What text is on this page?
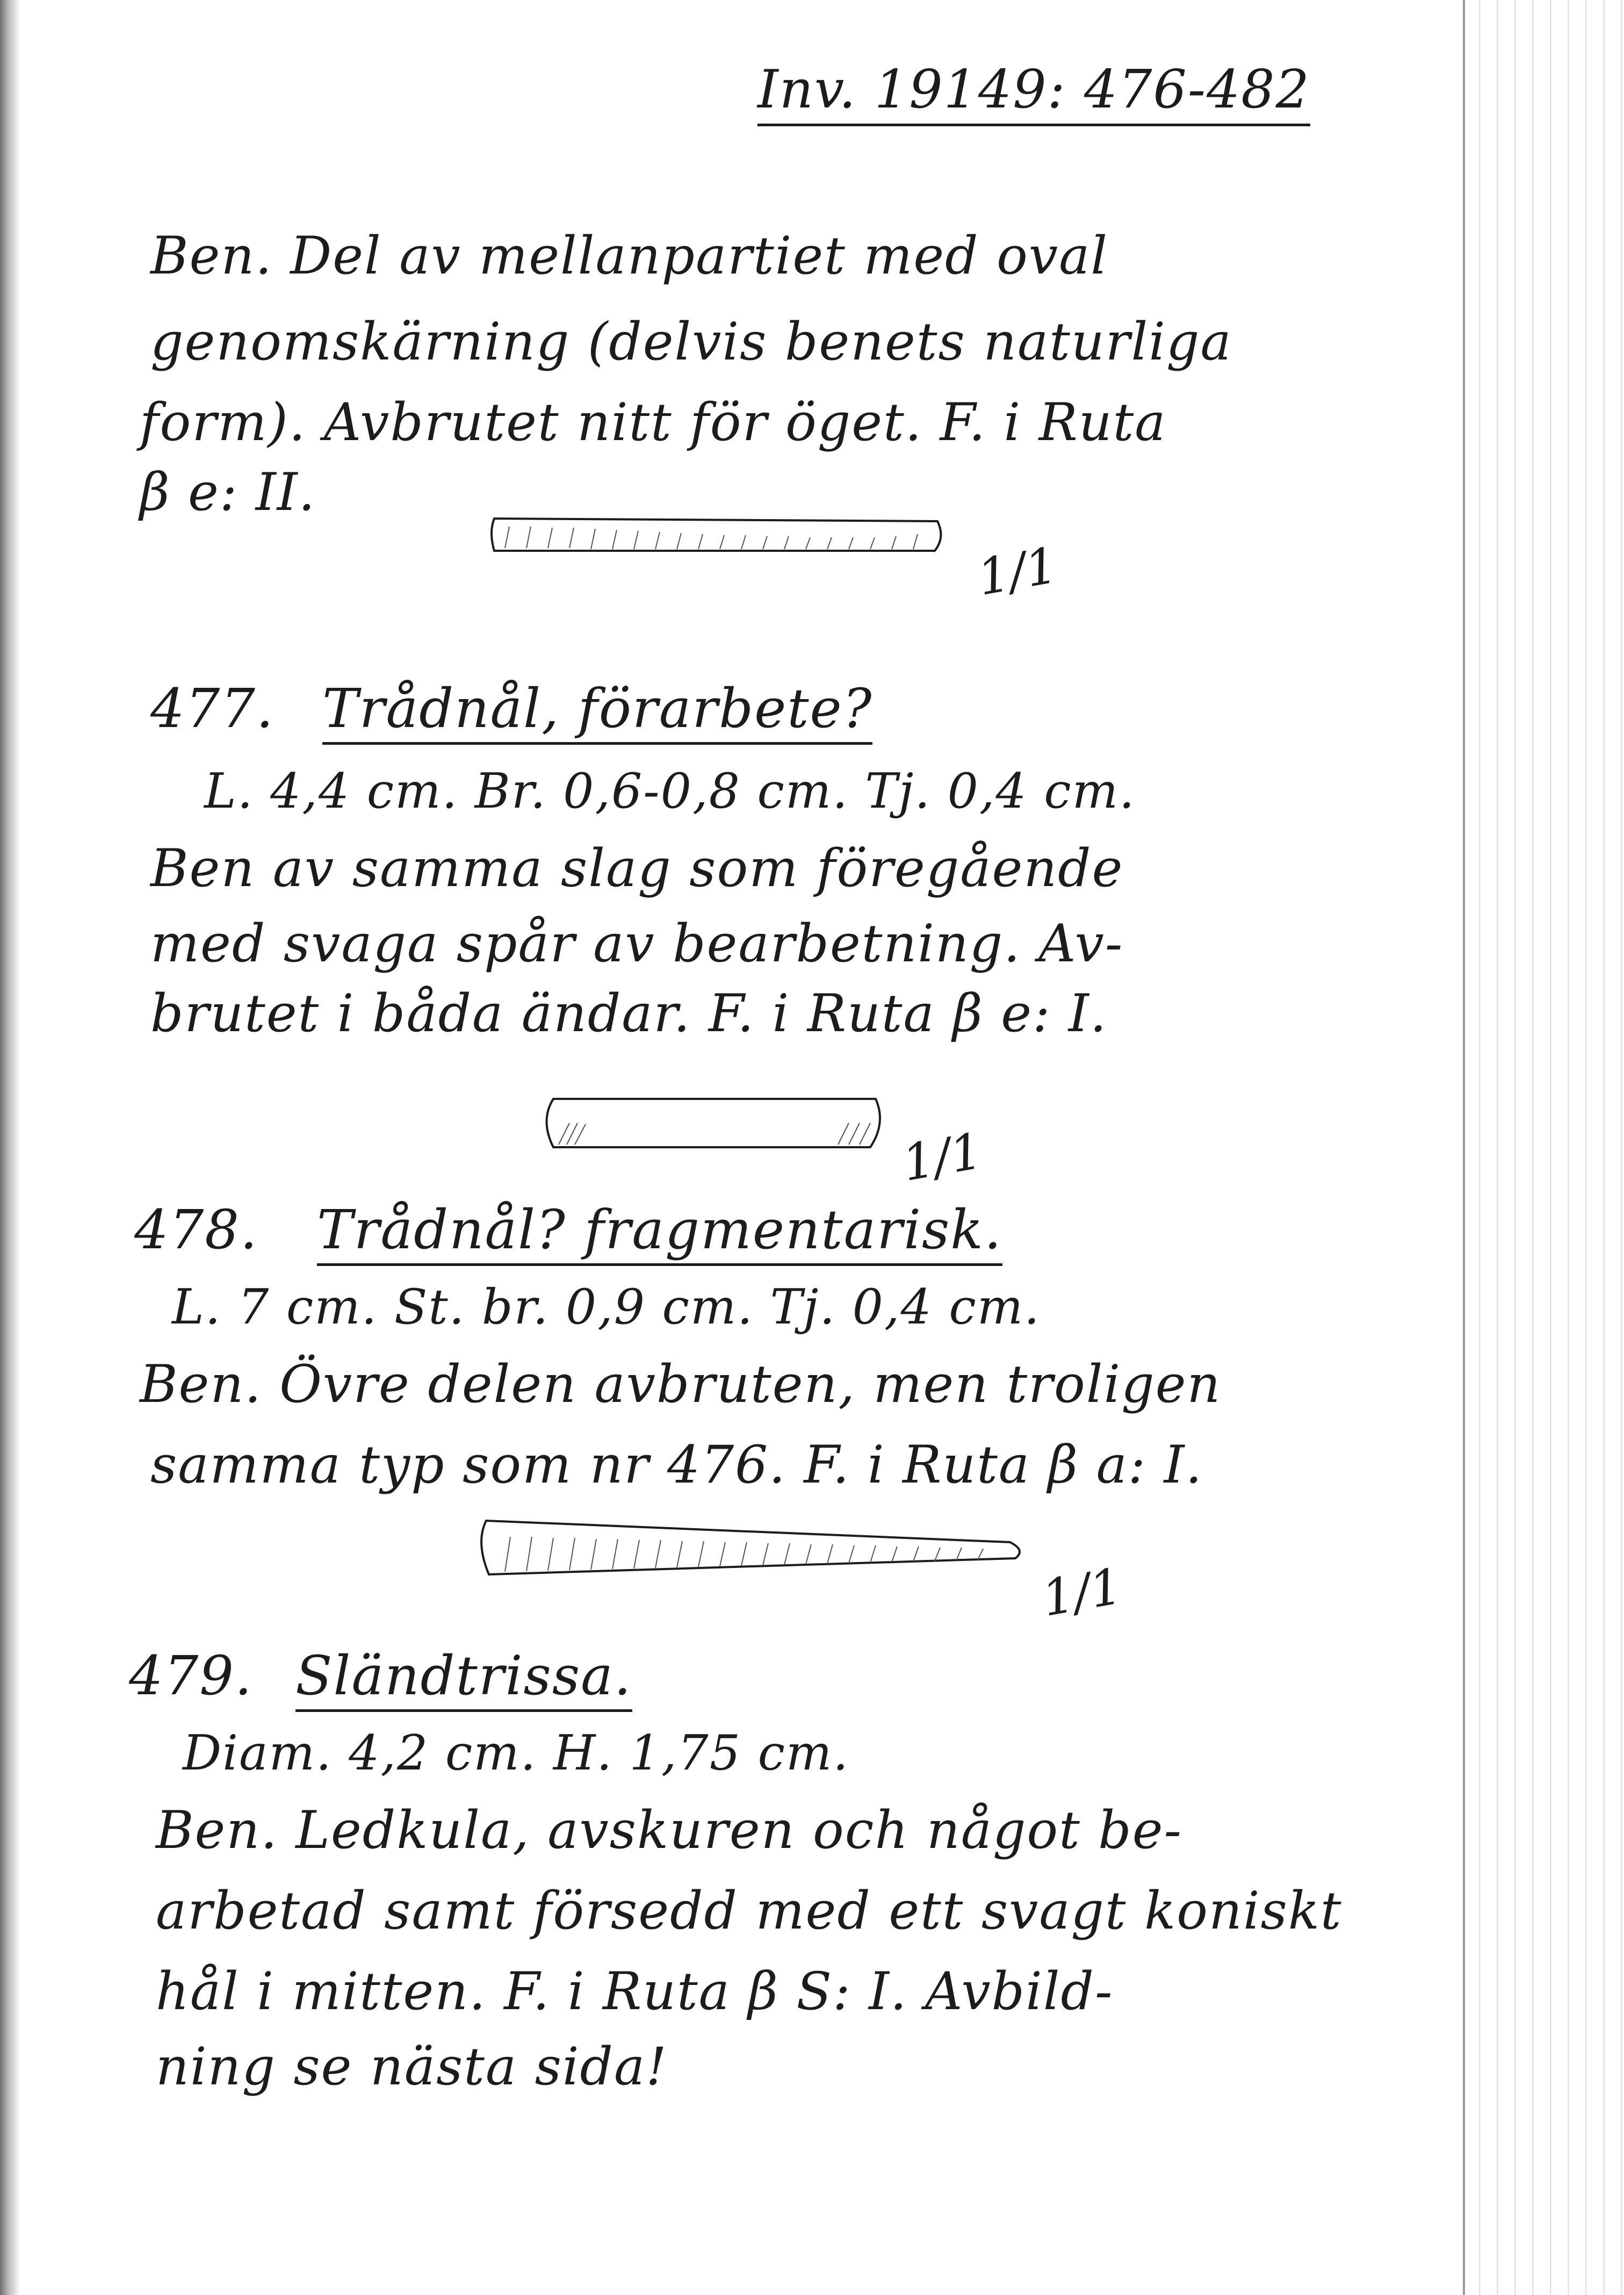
Inv. 19149: 476-482
Ben. Del av mellanpartiet med oval
genomskärning (delvis benets naturliga
form). Avbrutet nitt för öget. F. i Ruta
β e: II.
1/1
477. Trådnål, förarbete?
L. 4,4 cm. Br. 0,6-0,8 cm. Tj. 0,4 cm.
Ben av samma slag som föregående
med svaga spår av bearbetning. Av-
brutet i båda ändar. F. i Ruta β e: I.
1/1
478. Trådnål? fragmentarisk.
L. 7 cm. St. br. 0,9 cm. Tj. 0,4 cm.
Ben. Övre delen avbruten, men troligen
samma typ som nr 476. F. i Ruta β a: I.
1/1
479. Sländtrissa.
Diam. 4,2 cm. H. 1,75 cm.
Ben. Ledkula, avskuren och något be-
arbetad samt försedd med ett svagt koniskt
hål i mitten. F. i Ruta β S: I. Avbild-
ning se nästa sida!
